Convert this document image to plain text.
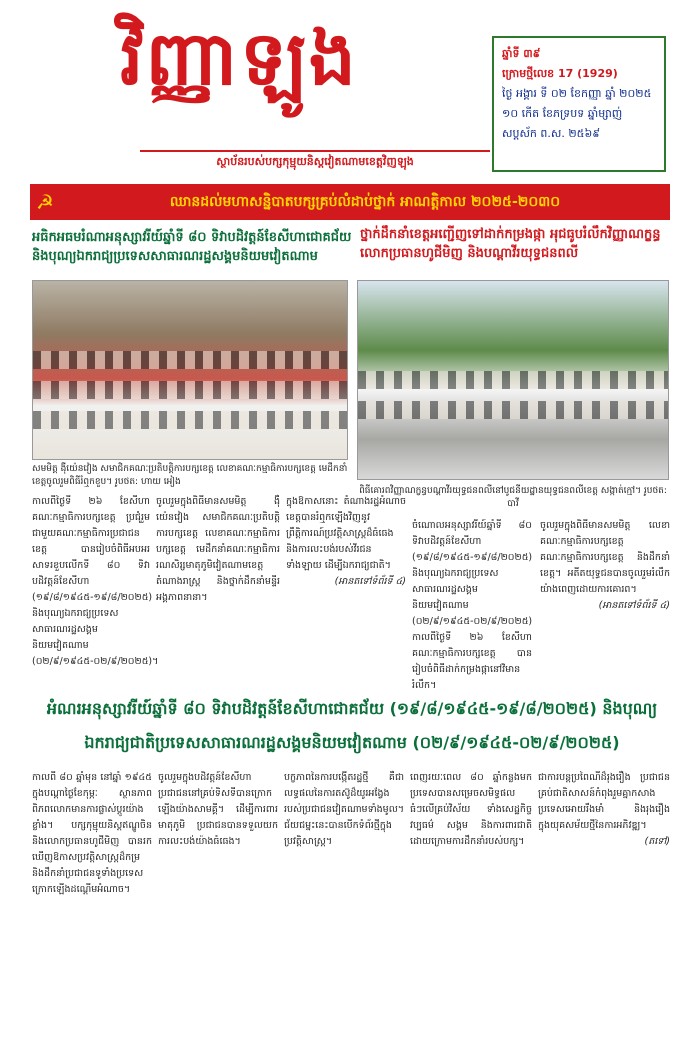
វិញ្ញាឡូង
ស្ថាប័នរបស់បក្សកុម្មុយនិស្ដវៀតណាមខេត្តវិញឡុង
ឆ្នាំទី ៣៩
ក្រោមថ្មីលេខ 17 (1929)
ថ្ងៃ អង្គារ ទី ០២ ខែកញ្ញា ឆ្នាំ ២០២៥
១០ កើត ខែភទ្របទ ឆ្នាំម្សាញ់
សប្តស័ក ព.ស. ២៥៦៩
☭	ឈានដល់មហាសន្និបាតបក្សគ្រប់លំដាប់ថ្នាក់ អាណត្តិកាល ២០២៥-២០៣០
អធិកអធមរំណាអនុស្សាវរីយ៍ឆ្នាំទី ៨០ ទិវាបដិវត្តន៍ខែសីហាជោគជ័យ និងបុណ្យឯករាជ្យប្រទេសសាធារណរដ្ឋសង្គមនិយមវៀតណាម
ថ្នាក់ដឹកនាំខេត្តអញ្ជើញទៅដាក់កម្រងផ្កា អុជធូបរំលឹកវិញ្ញាណក្ខន្ធលោកប្រធានហូជីមិញ និងបណ្ដាវីរយុទ្ធជនពលី
សមមិត្ត ង៉ឺយ៉េនវៀង សមាជិកគណៈប្រតិបត្តិការបក្សខេត្ត លេខាគណៈកម្មាធិការបក្សខេត្ត មេដឹកនាំខេត្តចូលរួមពិធីរំឮកខួប។ រូបថត: ហាយ អៀង
ពិធីគោរពវិញ្ញាណក្ខន្ធបណ្ដាវីរយុទ្ធជនពលីនៅបូជនីយដ្ឋានយុទ្ធជនពលីខេត្ត សង្កាត់ក្មៅ។ រូបថត: បាវី
កាលពីថ្ងៃទី ២៦ ខែសីហា គណៈកម្មាធិការបក្សខេត្ត ប្រជុំរួមជាមួយគណៈកម្មាធិការប្រជាជនខេត្ត បានរៀបចំពិធីអបអរសាទរខួបលើកទី ៨០ ទិវាបដិវត្តន៍ខែសីហា (១៩/៨/១៩៤៥-១៩/៨/២០២៥) និងបុណ្យឯករាជ្យប្រទេសសាធារណរដ្ឋសង្គមនិយមវៀតណាម (០២/៩/១៩៤៥-០២/៩/២០២៥)។
ចូលរួមក្នុងពិធីមានសមមិត្ត ង៉ឺយ៉េនវៀង សមាជិកគណៈប្រតិបត្តិការបក្សខេត្ត លេខាគណៈកម្មាធិការបក្សខេត្ត មេដឹកនាំគណៈកម្មាធិការរណសិរ្សមាតុភូមិវៀតណាមខេត្ត តំណាងរាស្ត្រ និងថ្នាក់ដឹកនាំមន្ទីរ អង្គភាពនានា។
ក្នុងឱកាសនោះ តំណាងរដ្ឋអំណាចខេត្តបានរំឮកឡើងវិញនូវព្រឹត្តិការណ៍ប្រវត្តិសាស្ត្រដ៏ធំធេង និងការលះបង់របស់វីរជនទាំងឡាយ ដើម្បីឯករាជ្យជាតិ។
(អានតទៅទំព័រទី ៤)
ចំណោលអនុស្សាវរីយ៍ឆ្នាំទី ៨០ ទិវាបដិវត្តន៍ខែសីហា (១៩/៨/១៩៤៥-១៩/៨/២០២៥) និងបុណ្យឯករាជ្យប្រទេសសាធារណរដ្ឋសង្គមនិយមវៀតណាម (០២/៩/១៩៤៥-០២/៩/២០២៥) កាលពីថ្ងៃទី ២៦ ខែសីហា គណៈកម្មាធិការបក្សខេត្ត បានរៀបចំពិធីដាក់កម្រងផ្កានៅវិមានរំលឹក។
ចូលរួមក្នុងពិធីមានសមមិត្ត លេខាគណៈកម្មាធិការបក្សខេត្ត គណៈកម្មាធិការបក្សខេត្ត និងដឹកនាំខេត្ត។ អតីតយុទ្ធជនបានចូលរួមរំលឹកយ៉ាងពេញដោយការគោរព។
(អានតទៅទំព័រទី ៤)
អំណរអនុស្សាវរីយ៍ឆ្នាំទី ៨០ ទិវាបដិវត្តន៍ខែសីហាជោគជ័យ (១៩/៨/១៩៤៥-១៩/៨/២០២៥) និងបុណ្យឯករាជ្យជាតិប្រទេសសាធារណរដ្ឋសង្គមនិយមវៀតណាម (០២/៩/១៩៤៥-០២/៩/២០២៥)
កាលពី ៨០ ឆ្នាំមុន នៅឆ្នាំ ១៩៤៥ ក្នុងបណ្តាថ្ងៃខែកុម្ភៈ ស្ថានភាពពិភពលោកមានការផ្លាស់ប្តូរយ៉ាងខ្លាំង។ បក្សកុម្មុយនិស្តឥណ្ឌូចិន និងលោកប្រធានហូជីមិញ បានរកឃើញឱកាសប្រវត្តិសាស្ត្រដ៏កម្រ និងដឹកនាំប្រជាជនទូទាំងប្រទេសក្រោកឡើងដណ្តើមអំណាច។
ចូលរួមក្នុងបដិវត្តន៍ខែសីហា ប្រជាជននៅគ្រប់ទិសទីបានក្រោកឡើងយ៉ាងសាមគ្គី។ ដើម្បីការពារមាតុភូមិ ប្រជាជនបានទទួលយកការលះបង់យ៉ាងធំធេង។
បក្ខភាពនៃការបង្កើតរដ្ឋថ្មី គឺជាលទ្ធផលនៃការតស៊ូដ៏យូរអង្វែងរបស់ប្រជាជនវៀតណាមទាំងមូល។ ជ័យជម្នះនេះបានបើកទំព័រថ្មីក្នុងប្រវត្តិសាស្ត្រ។
ពេញរយៈពេល ៨០ ឆ្នាំកន្លងមក ប្រទេសបានសម្រេចសមិទ្ធផលធំៗលើគ្រប់វិស័យ ទាំងសេដ្ឋកិច្ច វប្បធម៌ សង្គម និងការពារជាតិ ដោយក្រោមការដឹកនាំរបស់បក្ស។
ជាការបន្តប្រពៃណីដ៏រុងរឿង ប្រជាជនគ្រប់ជាតិសាសន៍កំពុងរួមគ្នាកសាងប្រទេសអោយរឹងមាំ និងរុងរឿង ក្នុងយុគសម័យថ្មីនៃការអភិវឌ្ឍ។
(តទៅ)
